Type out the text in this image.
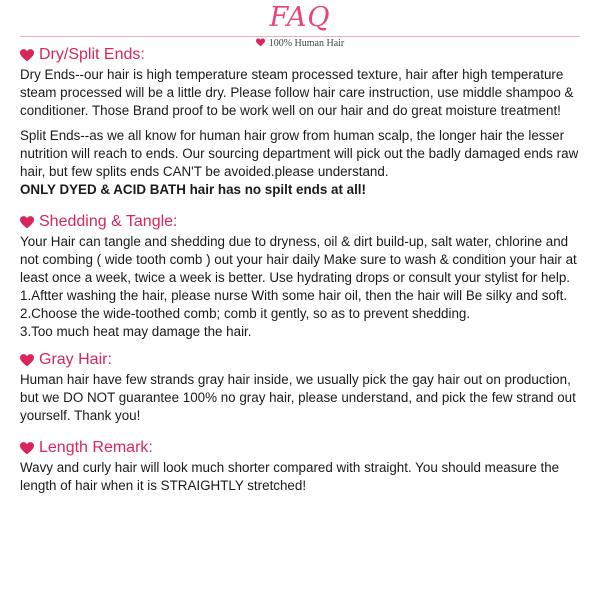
FAQ
100% Human Hair
Dry/Split Ends:

Dry Ends--our hair is high temperature steam processed texture, hair after high temperature steam processed will be a little dry. Please follow hair care instruction, use middle shampoo & conditioner. Those Brand proof to be work well on our hair and do great moisture treatment!

Split Ends--as we all know for human hair grow from human scalp, the longer hair the lesser nutrition will reach to ends. Our sourcing department will pick out the badly damaged ends raw hair, but few splits ends CAN'T be avoided.please understand.

ONLY DYED & ACID BATH hair has no spilt ends at all!

Shedding & Tangle:

Your Hair can tangle and shedding due to dryness, oil & dirt build-up, salt water, chlorine and not combing ( wide tooth comb ) out your hair daily Make sure to wash & condition your hair at least once a week, twice a week is better. Use hydrating drops or consult your stylist for help.

1.Aftter washing the hair, please nurse With some hair oil, then the hair will Be silky and soft.

2.Choose the wide-toothed comb; comb it gently, so as to prevent shedding.

3.Too much heat may damage the hair.

Gray Hair:

Human hair have few strands gray hair inside, we usually pick the gay hair out on production, but we DO NOT guarantee 100% no gray hair, please understand, and pick the few strand out yourself. Thank you!

Length Remark:

Wavy and curly hair will look much shorter compared with straight. You should measure the length of hair when it is STRAIGHTLY stretched!
